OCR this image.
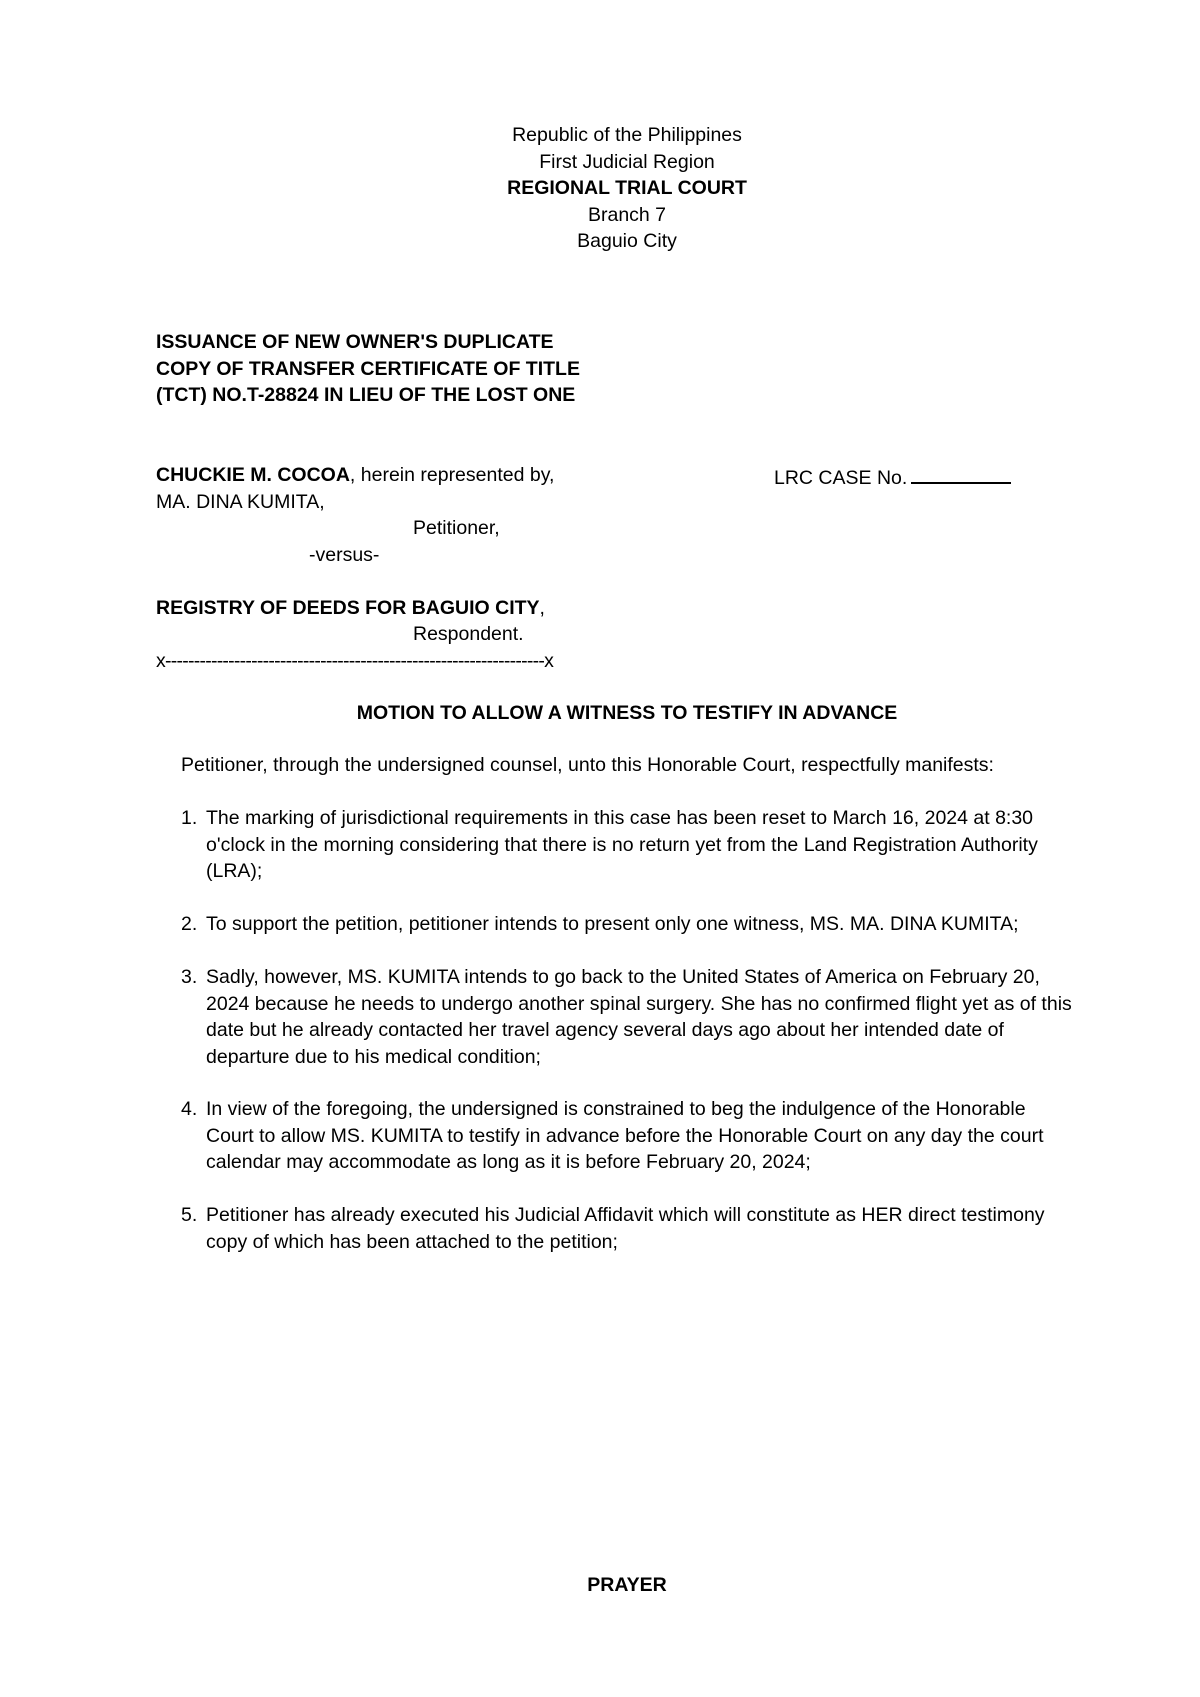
Republic of the Philippines
First Judicial Region
REGIONAL TRIAL COURT
Branch 7
Baguio City
ISSUANCE OF NEW OWNER'S DUPLICATE
COPY OF TRANSFER CERTIFICATE OF TITLE
(TCT) NO.T-28824 IN LIEU OF THE LOST ONE
CHUCKIE M. COCOA, herein represented by,
MA. DINA KUMITA,
Petitioner,
-versus-
REGISTRY OF DEEDS FOR BAGUIO CITY,
Respondent.
x------------------------------------------------------------------x
LRC CASE No.
MOTION TO ALLOW A WITNESS TO TESTIFY IN ADVANCE
Petitioner, through the undersigned counsel, unto this Honorable Court, respectfully manifests:
1. The marking of jurisdictional requirements in this case has been reset to March 16, 2024 at 8:30
o'clock in the morning considering that there is no return yet from the Land Registration Authority
(LRA);
2. To support the petition, petitioner intends to present only one witness, MS. MA. DINA KUMITA;
3. Sadly, however, MS. KUMITA intends to go back to the United States of America on February 20,
2024 because he needs to undergo another spinal surgery. She has no confirmed flight yet as of this
date but he already contacted her travel agency several days ago about her intended date of
departure due to his medical condition;
4. In view of the foregoing, the undersigned is constrained to beg the indulgence of the Honorable
Court to allow MS. KUMITA to testify in advance before the Honorable Court on any day the court
calendar may accommodate as long as it is before February 20, 2024;
5. Petitioner has already executed his Judicial Affidavit which will constitute as HER direct testimony
copy of which has been attached to the petition;
PRAYER
